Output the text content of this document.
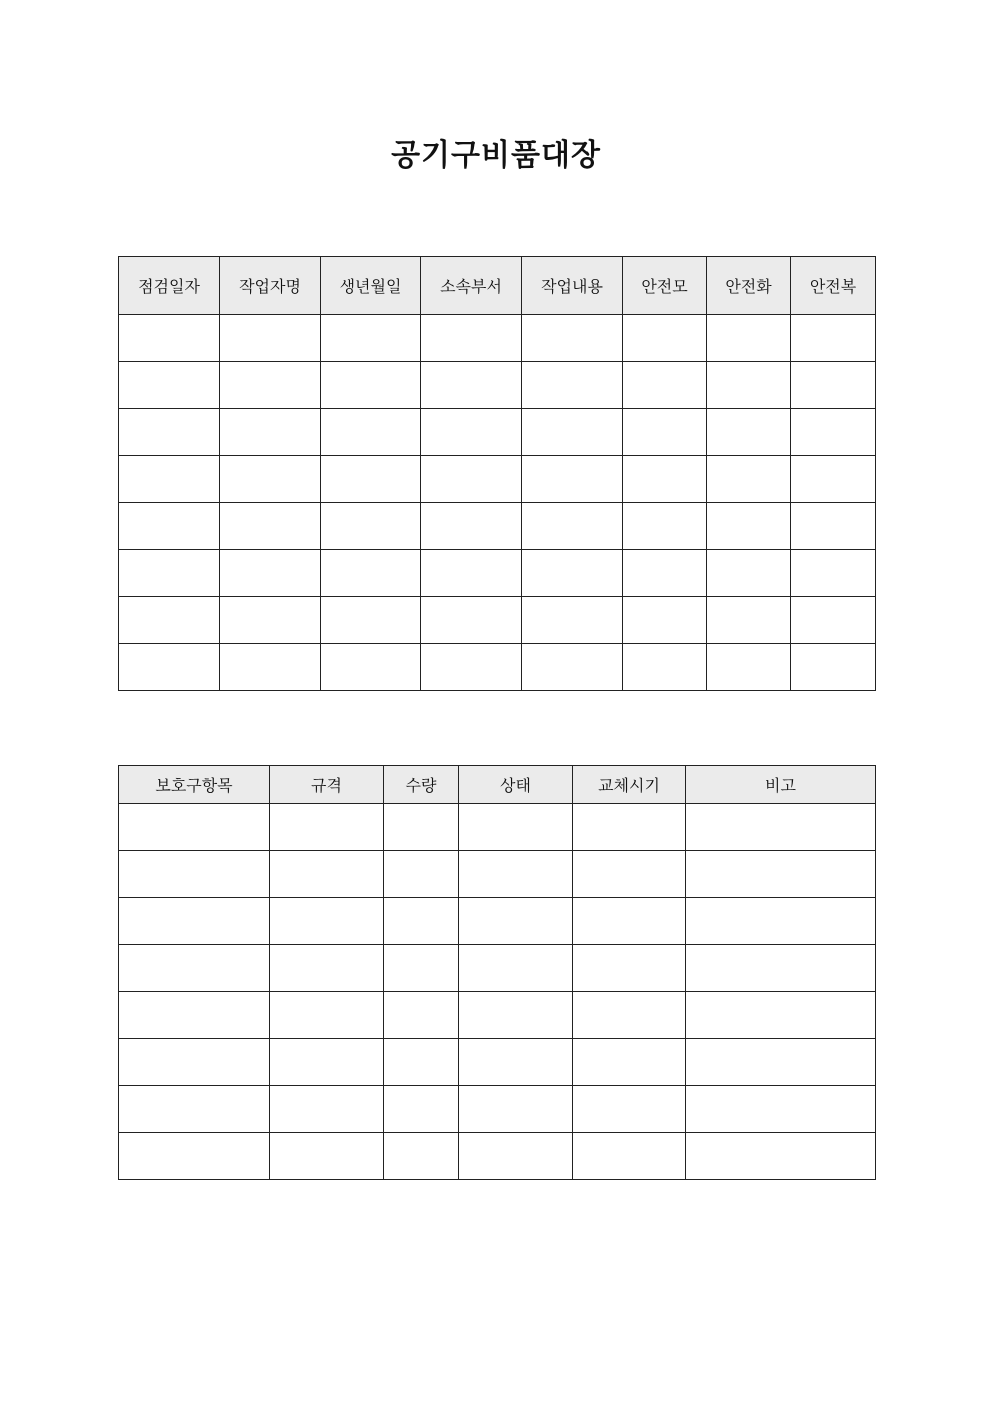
공기구비품대장
점검일자	작업자명	생년월일	소속부서	작업내용	안전모	안전화	안전복

보호구항목	규격	수량	상태	교체시기	비고
